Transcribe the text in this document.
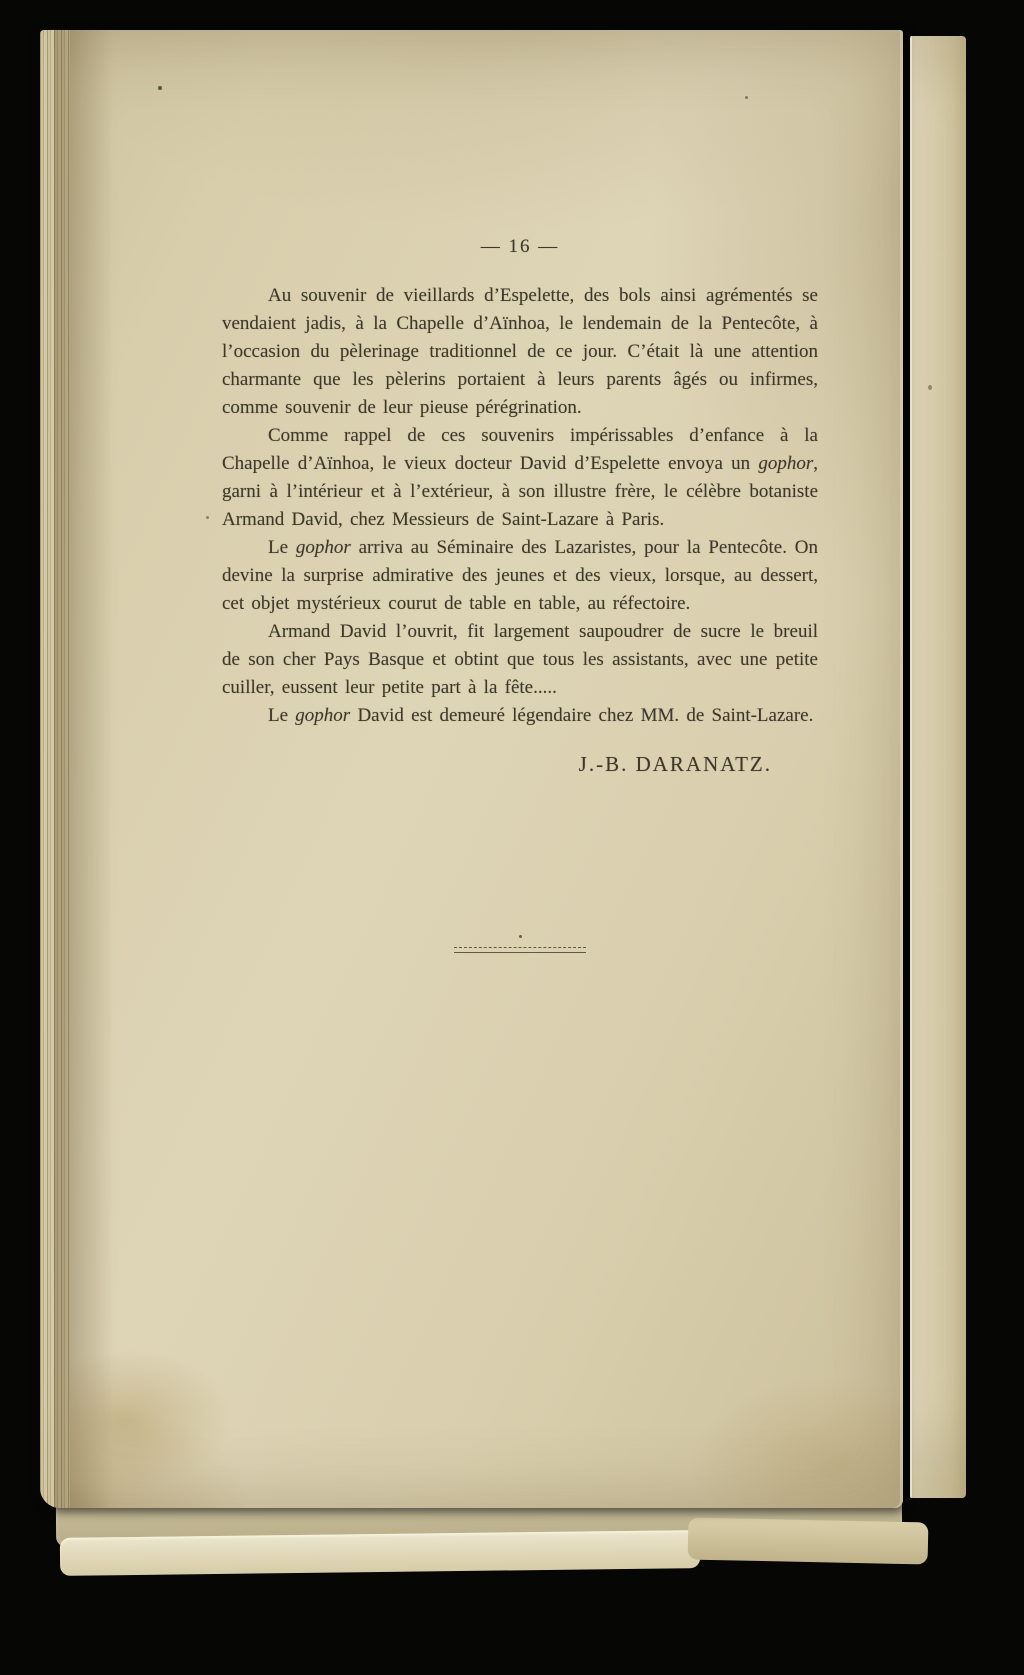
— 16 —

Au souvenir de vieillards d’Espelette, des bols ainsi agrémentés se vendaient jadis, à la Chapelle d’Aïnhoa, le lendemain de la Pentecôte, à l’occasion du pèlerinage traditionnel de ce jour. C’était là une attention charmante que les pèlerins portaient à leurs parents âgés ou infirmes, comme souvenir de leur pieuse pérégrination.

Comme rappel de ces souvenirs impérissables d’enfance à la Chapelle d’Aïnhoa, le vieux docteur David d’Espelette envoya un gophor, garni à l’intérieur et à l’extérieur, à son illustre frère, le célèbre botaniste Armand David, chez Messieurs de Saint-Lazare à Paris.

Le gophor arriva au Séminaire des Lazaristes, pour la Pentecôte. On devine la surprise admirative des jeunes et des vieux, lorsque, au dessert, cet objet mystérieux courut de table en table, au réfectoire.

Armand David l’ouvrit, fit largement saupoudrer de sucre le breuil de son cher Pays Basque et obtint que tous les assistants, avec une petite cuiller, eussent leur petite part à la fête.....

Le gophor David est demeuré légendaire chez MM. de Saint-Lazare.

J.-B. DARANATZ.
